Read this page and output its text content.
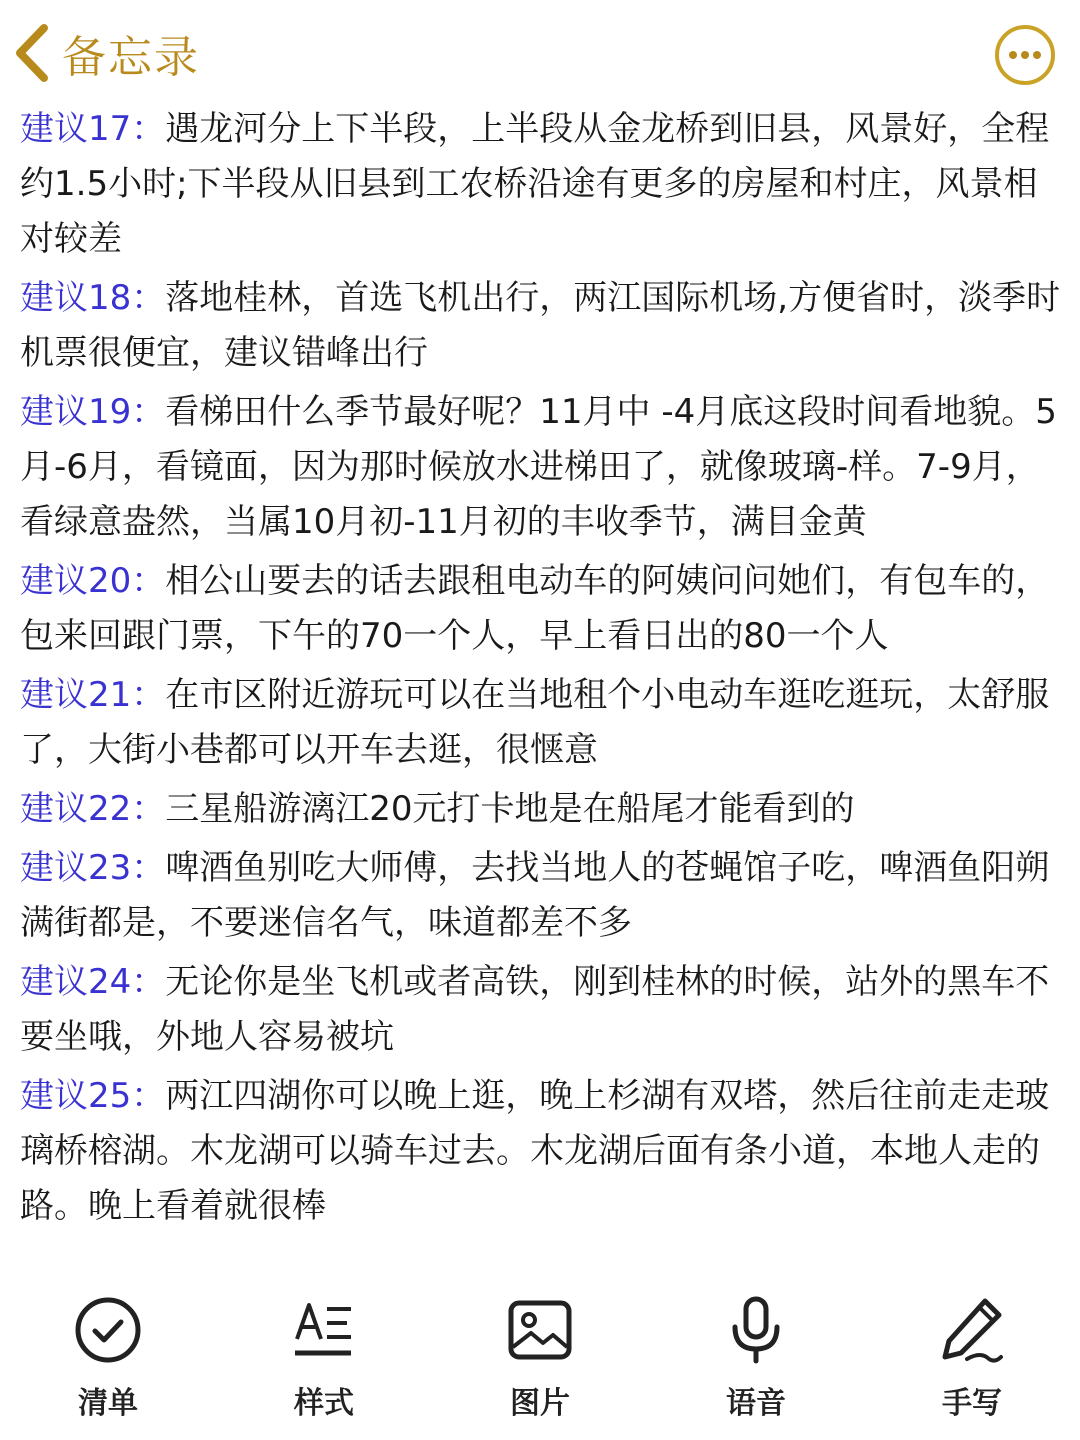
备忘录

建议17：遇龙河分上下半段，上半段从金龙桥到旧县，风景好，全程约1.5小时;下半段从旧县到工农桥沿途有更多的房屋和村庄，风景相对较差

建议18：落地桂林，首选飞机出行，两江国际机场,方便省时，淡季时机票很便宜，建议错峰出行

建议19：看梯田什么季节最好呢？11月中 -4月底这段时间看地貌。5月-6月，看镜面，因为那时候放水进梯田了，就像玻璃-样。7-9月，看绿意盎然，当属10月初-11月初的丰收季节，满目金黄

建议20：相公山要去的话去跟租电动车的阿姨问问她们，有包车的，包来回跟门票，下午的70一个人，早上看日出的80一个人

建议21：在市区附近游玩可以在当地租个小电动车逛吃逛玩，太舒服了，大街小巷都可以开车去逛，很惬意

建议22：三星船游漓江20元打卡地是在船尾才能看到的

建议23：啤酒鱼别吃大师傅，去找当地人的苍蝇馆子吃，啤酒鱼阳朔满街都是，不要迷信名气，味道都差不多

建议24：无论你是坐飞机或者高铁，刚到桂林的时候，站外的黑车不要坐哦，外地人容易被坑

建议25：两江四湖你可以晚上逛，晚上杉湖有双塔，然后往前走走玻璃桥榕湖。木龙湖可以骑车过去。木龙湖后面有条小道，本地人走的路。晚上看着就很棒

清单	样式	图片	语音	手写
